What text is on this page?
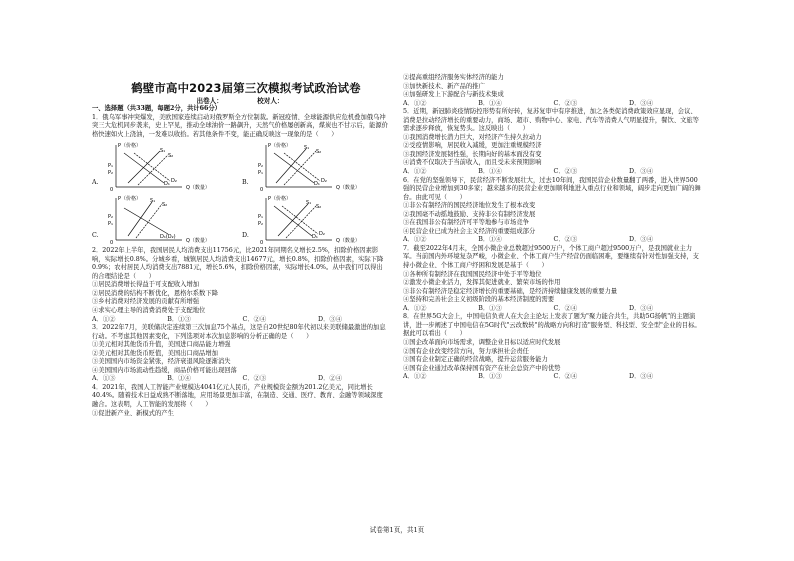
鹤壁市高中2023届第三次模拟考试政治试卷
出卷人：	校对人：

一、选择题（共33题，每题2分，共计66分）

1．俄乌军事冲突爆发，美欧国家连续启动对俄罗斯全方位制裁。新冠疫情、全球能源供应危机叠加俄乌冲突三大危机同步袭来，史上罕见，推动全球油价一路飙升，天然气价格屡创新高，煤炭也不甘示后，能源价格快速如火上浇油，一发难以收拾。若其他条件不变，能正确反映这一现象的是（　　）

A.
P（价格）
Q（数量）
S₁
S₂
D₁ D₂
P₁
P₂
0
B.
P（价格）
Q（数量）
S₁
S₂
D₁ D₂
P₂
P₁
0
C.
P（价格）
Q（数量）
S₁
S₂
D₁(D₂)
P₂
P₁
0
D.
P（价格）
Q（数量）
S₁
S₂
D₁ D₂
P₁
P₂
0

2．2022年上半年，我国居民人均消费支出11756元，比2021年同期名义增长2.5%，扣除价格因素影响，实际增长0.8%。分城乡看，城镇居民人均消费支出14677元，增长0.8%，扣除价格因素，实际下降0.9%；农村居民人均消费支出7881元，增长5.6%，扣除价格因素，实际增长4.0%。从中我们可以得出的合理结论是（　　）

①居民消费增长得益于可支配收入增加

②居民消费的结构不断优化，恩格尔系数下降

③乡村消费对经济发展的贡献有所增强

④求实心理主导的消费消费处于支配地位

A．①②	B．①③	C．②④	D．③④

3．2022年7月，美联储决定连续第三次加息75个基点，这是自20世纪80年代初以来美联储最激进的加息行动。不考虑其他因素变化，下列选项对本次加息影响的分析正确的是（　　）

①美元相对其他货币升值，美国进口商品能力增强

②美元相对其他货币贬值，美国出口商品增加

③美国国内市场资金紧张，经济衰退风险逐渐消失

④美国国内市场流动性趋缓，商品价格可能出现回落

A．①③	B．①④	C．②③	D．②④

4．2021年，我国人工智能产业规模达4041亿元人民币，产业规模资金额为201.2亿美元，同比增长40.4%。随着技术日益成熟不断落地，应用场景更加丰富，在制造、交通、医疗、教育、金融等领域深度融合。这表明，人工智能的发展将（　　）

①促进新产业、新模式的产生

②提高重组经济服务实体经济的能力

③加快新技术、新产品的推广

④加强研发上下游配合与新技术集成

A．①②	B．①④	C．②③	D．③④

5．近期，新冠肺炎疫情防控形势有所好转，复苏复审中有序推进，加之各类促消费政策效应显现，会议、消费是拉动经济增长的重要动力，商场、超市、购物中心、家电、汽车等消费人气明显提升，餐饮、文旅等需求逐步释放，恢复势头。这反映出（　　）

①我国消费增长潜力巨大，对经济产生持久拉动力

②受疫情影响，居民收入减缓，更加注重规模经济

③我国经济发展韧性强，长期向好的基本面没有变

④消费不仅取决于当前收入，而且受未来预期影响

A．①②	B．①④	C．②③	D．③④

6．在党的坚强领导下，民营经济不断发展壮大，过去10年间，我国民营企业数量翻了两番，进入世界500强的民营企业增加到30多家；越来越多的民营企业更加顺利地进入重点行业和领域，阔步走向更加广阔的舞台。由此可见（　　）

①非公有制经济的国民经济地位发生了根本改变

②我国毫不动摇地鼓励、支持非公有制经济发展

③在我国非公有制经济可平等地参与市场竞争

④民营企业已成为社会主义经济的重要组成部分

A．①②	B．①④	C．②③	D．③④

7．截至2022年4月末，全国小微企业总数超过9500万户，个体工商户超过9500万户，是我国就业主力军。当前国内外环境复杂严峻，小微企业、个体工商户生产经营仍面临困难，要继续有针对性加强支持，支持小微企业、个体工商户纾困和发展是基于（　　）

①各种所有制经济在我国国民经济中处于平等地位

②激发小微企业活力，发挥其促进就业、繁荣市场的作用

③非公有制经济是稳定经济增长的重要基础，是经济持续健康发展的重要力量

④坚持和完善社会主义初级阶段的基本经济制度的需要

A．①②	B．①③	C．②④	D．③④

8．在世界5G大会上，中国电信负责人在大会主论坛上发表了题为"聚力能合共生，共助5G扬帆"的主题演讲，进一步阐述了中国电信在5G时代"云改数转"的战略方向和打造"服务型、科技型、安全型"企业的目标。据此可以看出（　　）

①国企改革面向市场需求，调整企业目标以适应时代发展

②国有企业改变经营方向，努力承担社会责任

③国有企业制定正确的经营战略，提升运营服务能力

④国有企业通过改革保持国有资产在社会总资产中的优势

A．①②	B．①③	C．②④	D．③④
试卷第1页，共1页
